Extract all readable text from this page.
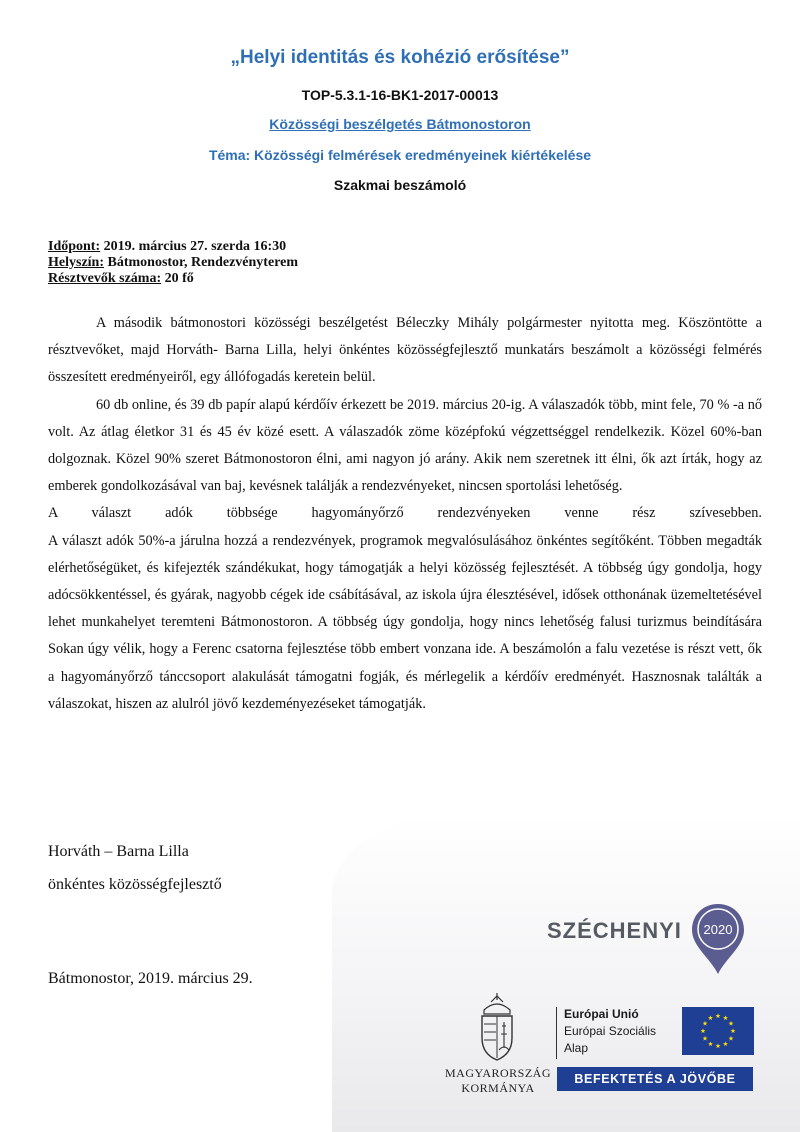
„Helyi identitás és kohézió erősítése”
TOP-5.3.1-16-BK1-2017-00013
Közösségi beszélgetés Bátmonostoron
Téma: Közösségi felmérések eredményeinek kiértékelése
Szakmai beszámoló
Időpont: 2019. március 27. szerda 16:30
Helyszín: Bátmonostor, Rendezvényterem
Résztvevők száma: 20 fő

A második bátmonostori közösségi beszélgetést Béleczky Mihály polgármester nyitotta meg. Köszöntötte a résztvevőket, majd Horváth- Barna Lilla, helyi önkéntes közösségfejlesztő munkatárs beszámolt a közösségi felmérés összesített eredményeiről, egy állófogadás keretein belül.

60 db online, és 39 db papír alapú kérdőív érkezett be 2019. március 20-ig. A válaszadók több, mint fele, 70 % -a nő volt. Az átlag életkor 31 és 45 év közé esett. A válaszadók zöme középfokú végzettséggel rendelkezik. Közel 60%-ban dolgoznak. Közel 90% szeret Bátmonostoron élni, ami nagyon jó arány. Akik nem szeretnek itt élni, ők azt írták, hogy az emberek gondolkozásával van baj, kevésnek találják a rendezvényeket, nincsen sportolási lehetőség.

A választ adók többsége hagyományőrző rendezvényeken venne rész szívesebben.

A választ adók 50%-a járulna hozzá a rendezvények, programok megvalósulásához önkéntes segítőként. Többen megadták elérhetőségüket, és kifejezték szándékukat, hogy támogatják a helyi közösség fejlesztését. A többség úgy gondolja, hogy adócsökkentéssel, és gyárak, nagyobb cégek ide csábításával, az iskola újra élesztésével, idősek otthonának üzemeltetésével lehet munkahelyet teremteni Bátmonostoron. A többség úgy gondolja, hogy nincs lehetőség falusi turizmus beindítására Sokan úgy vélik, hogy a Ferenc csatorna fejlesztése több embert vonzana ide. A beszámolón a falu vezetése is részt vett, ők a hagyományőrző tánccsoport alakulását támogatni fogják, és mérlegelik a kérdőív eredményét. Hasznosnak találták a válaszokat, hiszen az alulról jövő kezdeményezéseket támogatják.

Horváth – Barna Lilla
önkéntes közösségfejlesztő
Bátmonostor, 2019. március 29.
SZÉCHENYI 2020
MAGYARORSZÁG
KORMÁNYA
Európai Unió
Európai Szociális
Alap
BEFEKTETÉS A JÖVŐBE
